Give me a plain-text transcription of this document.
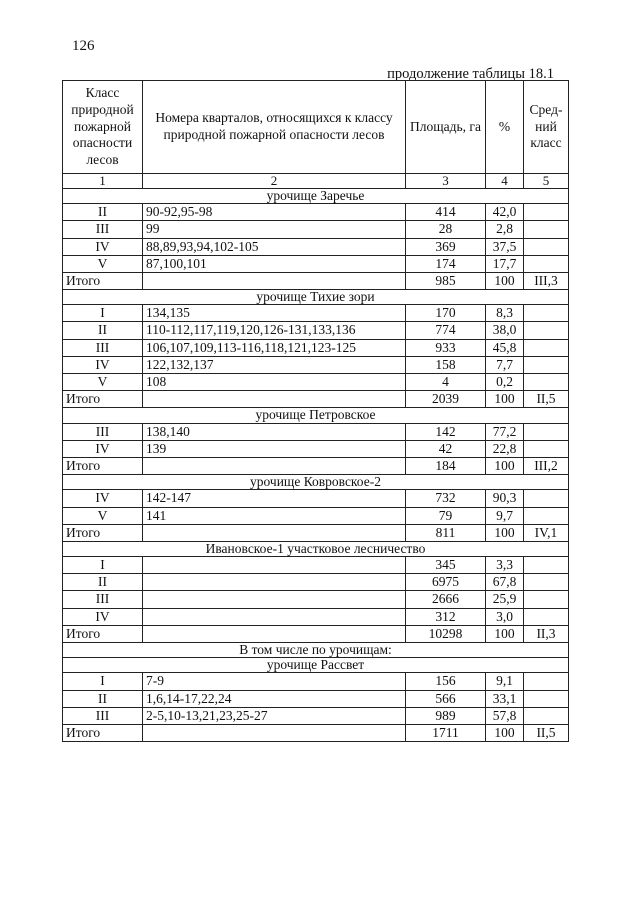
126
продолжение таблицы 18.1
Класс природной пожарной опасности лесов	Номера кварталов, относящихся к классу природной пожарной опасности лесов	Площадь, га	%	Сред-ний класс
1	2	3	4	5
урочище Заречье				
II	90-92,95-98	414	42,0	
III	99	28	2,8	
IV	88,89,93,94,102-105	369	37,5	
V	87,100,101	174	17,7	
Итого		985	100	III,3
урочище Тихие зори				
I	134,135	170	8,3	
II	110-112,117,119,120,126-131,133,136	774	38,0	
III	106,107,109,113-116,118,121,123-125	933	45,8	
IV	122,132,137	158	7,7	
V	108	4	0,2	
Итого		2039	100	II,5
урочище Петровское				
III	138,140	142	77,2	
IV	139	42	22,8	
Итого		184	100	III,2
урочище Ковровское-2				
IV	142-147	732	90,3	
V	141	79	9,7	
Итого		811	100	IV,1
Ивановское-1 участковое лесничество				
I		345	3,3	
II		6975	67,8	
III		2666	25,9	
IV		312	3,0	
Итого		10298	100	II,3
В том числе по урочищам:				
урочище Рассвет				
I	7-9	156	9,1	
II	1,6,14-17,22,24	566	33,1	
III	2-5,10-13,21,23,25-27	989	57,8	
Итого		1711	100	II,5
